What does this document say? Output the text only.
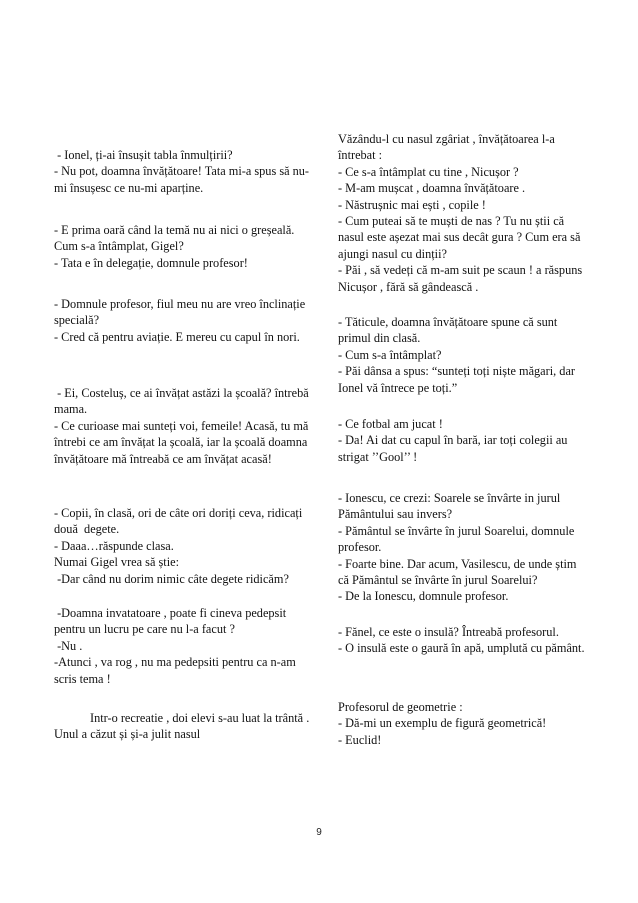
- Ionel, ți-ai însușit tabla înmulțirii?

- Nu pot, doamna învățătoare! Tata mi-a spus să nu-mi însușesc ce nu-mi aparține.

- E prima oară când la temă nu ai nici o greșeală. Cum s-a întâmplat, Gigel?

- Tata e în delegație, domnule profesor!

- Domnule profesor, fiul meu nu are vreo înclinație   specială?

- Cred că pentru aviație. E mereu cu capul în nori.

- Ei, Costeluș, ce ai învățat astăzi la școală? întrebă mama.

- Ce curioase mai sunteți voi, femeile! Acasă, tu mă întrebi ce am învățat la școală, iar la școală doamna învățătoare mă întreabă ce am învățat acasă!

- Copii, în clasă, ori de câte ori doriți ceva, ridicați două  degete.

- Daaa…răspunde clasa.

Numai Gigel vrea să știe:

-Dar când nu dorim nimic câte degete ridicăm?

-Doamna invatatoare , poate fi cineva pedepsit pentru un lucru pe care nu l-a facut ?

-Nu .

-Atunci , va rog , nu ma pedepsiti pentru ca n-am scris tema !

Intr-o recreatie , doi elevi s-au luat la trântă . Unul a căzut și și-a julit nasul

Văzându-l cu nasul zgâriat , învățătoarea l-a întrebat :

- Ce s-a întâmplat cu tine , Nicușor ?

- M-am mușcat , doamna învățătoare .

- Năstrușnic mai ești , copile !

- Cum puteai să te muști de nas ? Tu nu știi că nasul este așezat mai sus decât gura ? Cum era să ajungi nasul cu dinții?

- Păi , să vedeți că m-am suit pe scaun ! a răspuns Nicușor , fără să gândească .

- Tăticule, doamna învățătoare spune că sunt primul din clasă.

- Cum s-a întâmplat?

- Păi dânsa a spus: “sunteți toți niște măgari, dar Ionel vă întrece pe toți.”

- Ce fotbal am jucat !

- Da! Ai dat cu capul în bară, iar toți colegii au strigat ’’Gool’’ !

- Ionescu, ce crezi: Soarele se învârte in jurul Pământului sau invers?

- Pământul se învârte în jurul Soarelui, domnule profesor.

- Foarte bine. Dar acum, Vasilescu, de unde știm că Pământul se învârte în jurul Soarelui?

- De la Ionescu, domnule profesor.

- Fănel, ce este o insulă? Întreabă profesorul.

- O insulă este o gaură în apă, umplută cu pământ.

Profesorul de geometrie :

- Dă-mi un exemplu de figură geometrică!

- Euclid!

9
